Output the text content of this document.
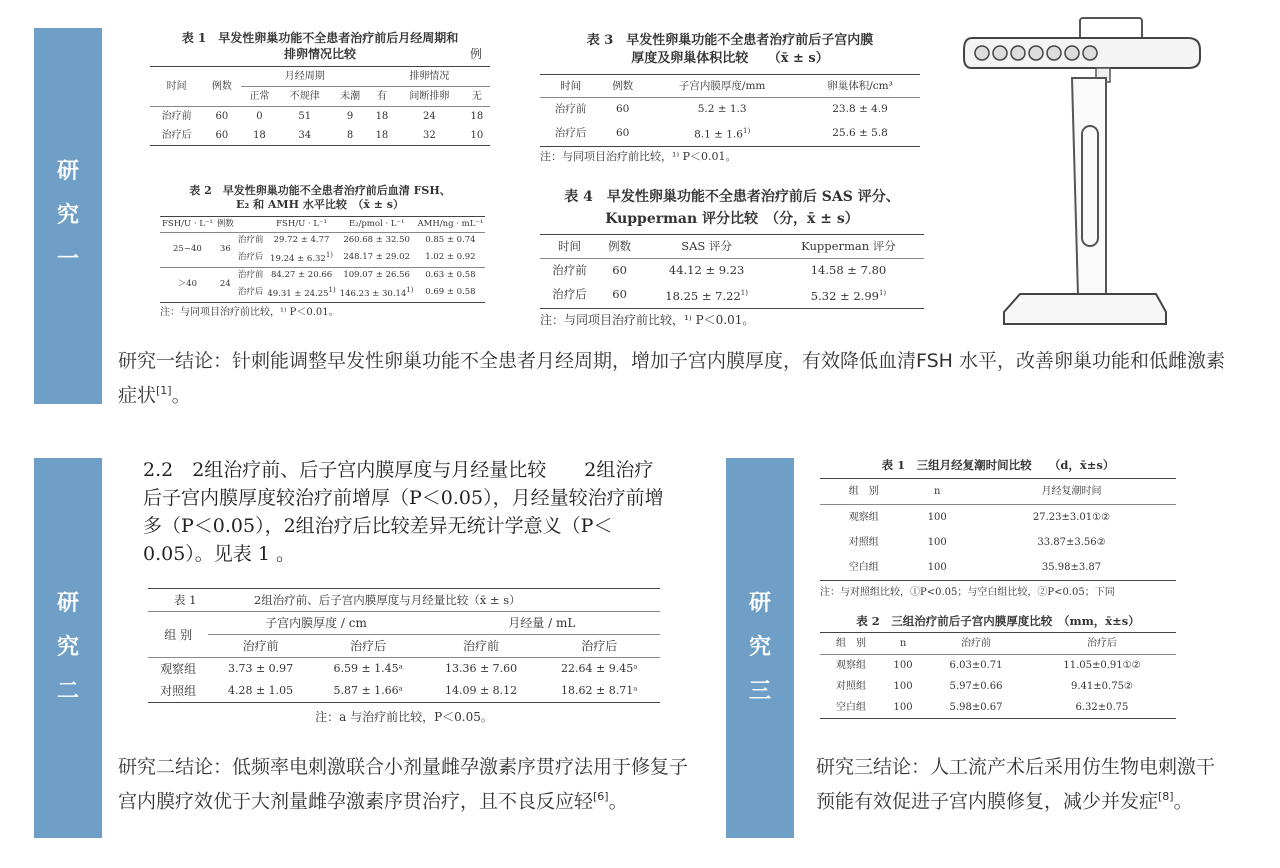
研
究
一
研
究
二
研
究
三
表 1　早发性卵巢功能不全患者治疗前后月经周期和
排卵情况比较	例
时间	例数	月经周期			排卵情况		
		正常	不规律	未潮	有	间断排卵	无
治疗前	60	0	51	9	18	24	18
治疗后	60	18	34	8	18	32	10
表 2　早发性卵巢功能不全患者治疗前后血清 FSH、
E₂ 和 AMH 水平比较　（x̄ ± s）
FSH/U · L⁻¹	例数		FSH/U · L⁻¹	E₂/pmol · L⁻¹	AMH/ng · mL⁻¹
25~40	36	治疗前	29.72 ± 4.77	260.68 ± 32.50	0.85 ± 0.74
		治疗后	$19.24 \pm 6.32^{1)}$	248.17 ± 29.02	1.02 ± 0.92
＞40	24	治疗前	84.27 ± 20.66	109.07 ± 26.56	0.63 ± 0.58
		治疗后	$49.31 \pm 24.25^{1)}$	$146.23 \pm 30.14^{1)}$	0.69 ± 0.58
注：与同项目治疗前比较，¹⁾ P＜0.01。
表 3　早发性卵巢功能不全患者治疗前后子宫内膜
厚度及卵巢体积比较　　（x̄ ± s）
时间	例数	子宫内膜厚度/mm	卵巢体积/cm³
治疗前	60	5.2 ± 1.3	23.8 ± 4.9
治疗后	60	$8.1 \pm 1.6^{1)}$	25.6 ± 5.8
注：与同项目治疗前比较，¹⁾ P＜0.01。
表 4　早发性卵巢功能不全患者治疗前后 SAS 评分、
Kupperman 评分比较　（分，x̄ ± s）
时间	例数	SAS 评分	Kupperman 评分
治疗前	60	44.12 ± 9.23	14.58 ± 7.80
治疗后	60	$18.25 \pm 7.22^{1)}$	$5.32 \pm 2.99^{1)}$
注：与同项目治疗前比较，¹⁾ P＜0.01。
研究一结论：针刺能调整早发性卵巢功能不全患者月经周期，增加子宫内膜厚度，有效降低血清FSH 水平，改善卵巢功能和低雌激素症状[1]。
2.2　2组治疗前、后子宫内膜厚度与月经量比较　　2组治疗后子宫内膜厚度较治疗前增厚（P＜0.05），月经量较治疗前增多（P＜0.05），2组治疗后比较差异无统计学意义（P＜0.05）。见表 1 。
表 1　　　　　2组治疗前、后子宫内膜厚度与月经量比较（x̄ ± s）				
组 别	子宫内膜厚度 / cm		月经量 / mL	
	治疗前	治疗后	治疗前	治疗后
观察组	3.73 ± 0.97	6.59 ± 1.45ᵃ	13.36 ± 7.60	22.64 ± 9.45ᵃ
对照组	4.28 ± 1.05	5.87 ± 1.66ᵃ	14.09 ± 8.12	18.62 ± 8.71ᵃ
注：a 与治疗前比较，P＜0.05。
研究二结论：低频率电刺激联合小剂量雌孕激素序贯疗法用于修复子宫内膜疗效优于大剂量雌孕激素序贯治疗，且不良反应轻[6]。
表 1　三组月经复潮时间比较　　（d，x̄±s）
组　别	n	月经复潮时间
观察组	100	27.23±3.01①②
对照组	100	33.87±3.56②
空白组	100	35.98±3.87
注：与对照组比较，①P<0.05；与空白组比较，②P<0.05；下同
表 2　三组治疗前后子宫内膜厚度比较　（mm，x̄±s）
组　别	n	治疗前	治疗后
观察组	100	6.03±0.71	11.05±0.91①②
对照组	100	5.97±0.66	9.41±0.75②
空白组	100	5.98±0.67	6.32±0.75
研究三结论：人工流产术后采用仿生物电刺激干预能有效促进子宫内膜修复，减少并发症[8]。
